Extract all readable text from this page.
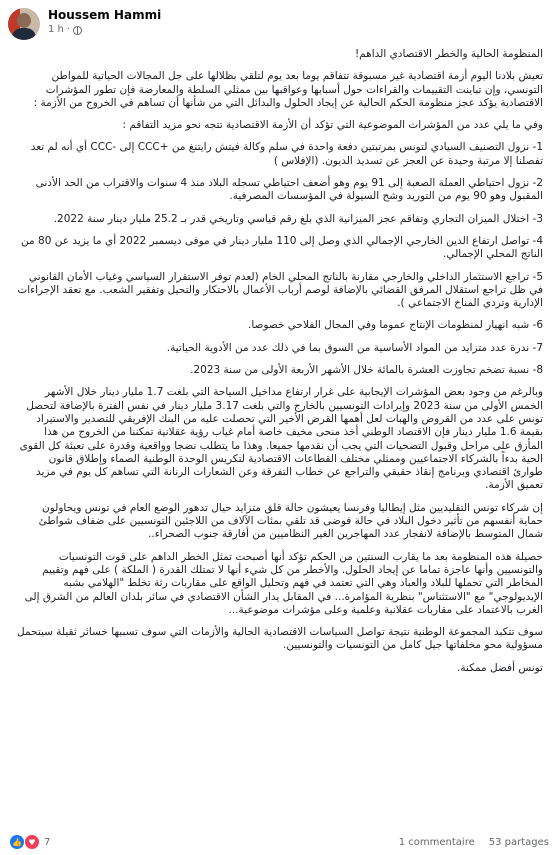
Houssem Hammi
1 h ·

المنظومة الحالية والخطر الاقتصادي الداهم!

تعيش بلادنا اليوم أزمة اقتصادية غير مسبوقة تتفاقم يوما بعد يوم لتلقي بظلالها على جل المجالات الحياتية للمواطن التونسي، وإن تباينت التقييمات والقراءات حول أسبابها وعواقبها بين ممثلي السلطة والمعارضة فإن تطور المؤشرات الاقتصادية يؤكد عجز منظومة الحكم الحالية عن إيجاد الحلول والبدائل التي من شأنها أن تساهم في الخروج من الأزمة :

وفي ما يلي عدد من المؤشرات الموضوعية التي تؤكد أن الأزمة الاقتصادية تتجه نحو مزيد التفاقم :

1- نزول التصنيف السيادي لتونس بمرتبتين دفعة واحدة في سلم وكالة فيتش رايتنغ من +CCC إلى -CCC أي أنه لم تعد تفصلنا إلا مرتبة وحيدة عن العجز عن تسديد الديون. (الإفلاس )

2- نزول احتياطي العملة الصعبة إلى 91 يوم وهو أضعف احتياطي تسجله البلاد منذ 4 سنوات والاقتراب من الحد الأدنى المقبول وهو 90 يوم من التوريد وشح السيولة في المؤسسات المصرفية.

3- اختلال الميزان التجاري وتفاقم عجز الميزانية الذي بلغ رقم قياسي وتاريخي قدر بـ 25.2 مليار دينار سنة 2022.

4- تواصل ارتفاع الدين الخارجي الإجمالي الذي وصل إلى 110 مليار دينار في موفى ديسمبر 2022 أي ما يزيد عن 80 من الناتج المحلي الإجمالي.

5- تراجع الاستثمار الداخلي والخارجي مقارنة بالناتج المحلي الخام (لعدم توفر الاستقرار السياسي وغياب الأمان القانوني في ظل تراجع استقلال المرفق القضائي بالإضافة لوصم أرباب الأعمال بالاحتكار والتحيل وتفقير الشعب. مع تعقد الإجراءات الإدارية وتردي المناخ الاجتماعي ).

6- شبه انهيار لمنظومات الإنتاج عموما وفي المجال الفلاحي خصوصا.

7- ندرة عدد متزايد من المواد الأساسية من السوق بما في ذلك عدد من الأدوية الحياتية.

8- نسبة تضخم تجاوزت العشرة بالمائة خلال الأشهر الأربعة الأولى من سنة 2023.

وبالرغم من وجود بعض المؤشرات الإيجابية على غرار ارتفاع مداخيل السياحة التي بلغت 1.7 مليار دينار خلال الأشهر الخمس الأولى من سنة 2023 وإيرادات التونسيين بالخارج والتي بلغت 3.17 مليار دينار في نفس الفترة بالإضافة لتحصل تونس على عدد من القروض والهبات لعل أهمها القرض الأخير التي تحصلت عليه من البنك الإفريقي للتصدير والاستيراد بقيمة 1.6 مليار دينار فإن الاقتصاد الوطني أخذ منحى مخيف خاصة أمام غياب رؤية عقلانية تمكننا من الخروج من هذا المأزق على مراحل وقبول التضحيات التي يجب أن نقدمها جميعا. وهذا ما يتطلب نضجا وواقعية وقدرة على تعبئة كل القوى الحية بدءاً بالشركاء الاجتماعيين وممثلي مختلف القطاعات الاقتصادية لتكريس الوحدة الوطنية الصماء وإطلاق قانون طوارئ اقتصادي وبرنامج إنقاذ حقيقي والتراجع عن خطاب التفرقة وعن الشعارات الرنانة التي تساهم كل يوم في مزيد تعميق الأزمة.

إن شركاء تونس التقليديين مثل إيطاليا وفرنسا يعيشون حالة قلق متزايد حيال تدهور الوضع العام في تونس ويحاولون حماية أنفسهم من تأثير دخول البلاد في حالة فوضى قد تلقي بمئات الآلاف من اللاجئين التونسيين على ضفاف شواطئ شمال المتوسط بالإضافة لانفجار عدد المهاجرين الغير النظاميين من أفارقة جنوب الصحراء..

حصيلة هذه المنظومة بعد ما يقارب السنتين من الحكم تؤكد أنها أصبحت تمثل الخطر الداهم على قوت التونسيات والتونسيين وأنها عاجزة تماما عن إيجاد الحلول. والأخطر من كل شيء أنها لا تمتلك القدرة ( الملكة ) على فهم وتقييم المخاطر التي تحملها للبلاد والعباد وهي التي تعتمد في فهم وتحليل الواقع على مقاربات رثة تخلط "الهلامي بشبه الإيديولوجي" مع "الاستثناس" بنظرية المؤامرة... في المقابل يدار الشأن الاقتصادي في سائر بلدان العالم من الشرق إلى الغرب بالاعتماد على مقاربات عقلانية وعلمية وعلى مؤشرات موضوعية...

سوف تتكبد المجموعة الوطنية نتيجة تواصل السياسات الاقتصادية الحالية والأزمات التي سوف تسببها خسائر ثقيلة سيتحمل مسؤولية محو مخلفاتها جيل كامل من التونسيات والتونسيين.

تونس أفضل ممكنة.

👍 ♥ 7	1 commentaire 53 partages
